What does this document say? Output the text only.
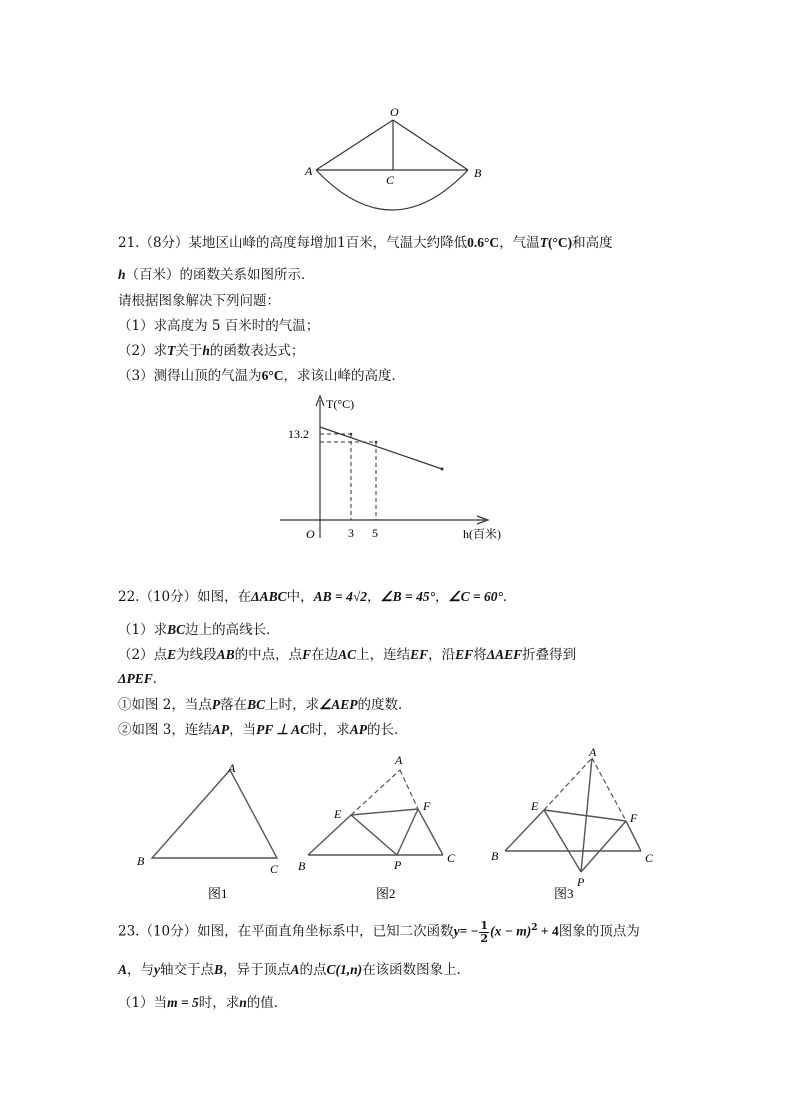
O
A	B
C
21.（8分）某地区山峰的高度每增加1百米，气温大约降低0.6°C，气温T(°C)和高度
h（百米）的函数关系如图所示．
请根据图象解决下列问题：
（1）求高度为 5 百米时的气温；
（2）求T关于h的函数表达式；
（3）测得山顶的气温为6°C，求该山峰的高度．
T(°C)
13.2
O	3 5	h(百米)
22.（10分）如图，在ΔABC中，AB = 4√2，∠B = 45°，∠C = 60°．
（1）求BC边上的高线长．
（2）点E为线段AB的中点，点F在边AC上，连结EF，沿EF将ΔAEF折叠得到
ΔPEF．
①如图 2，当点P落在BC上时，求∠AEP的度数．
②如图 3，连结AP，当PF ⊥ AC时，求AP的长．
A
B
C
图1
A
E
F
B	P	C
图2
A
E
F
B
P
C
图3
23.（10分）如图，在平面直角坐标系中，已知二次函数$y= - \frac{1}{2} (x - m)^2 + 4$图象的顶点为
A，与y轴交于点B，异于顶点A的点C(1,n)在该函数图象上．
（1）当m = 5时，求n的值．
